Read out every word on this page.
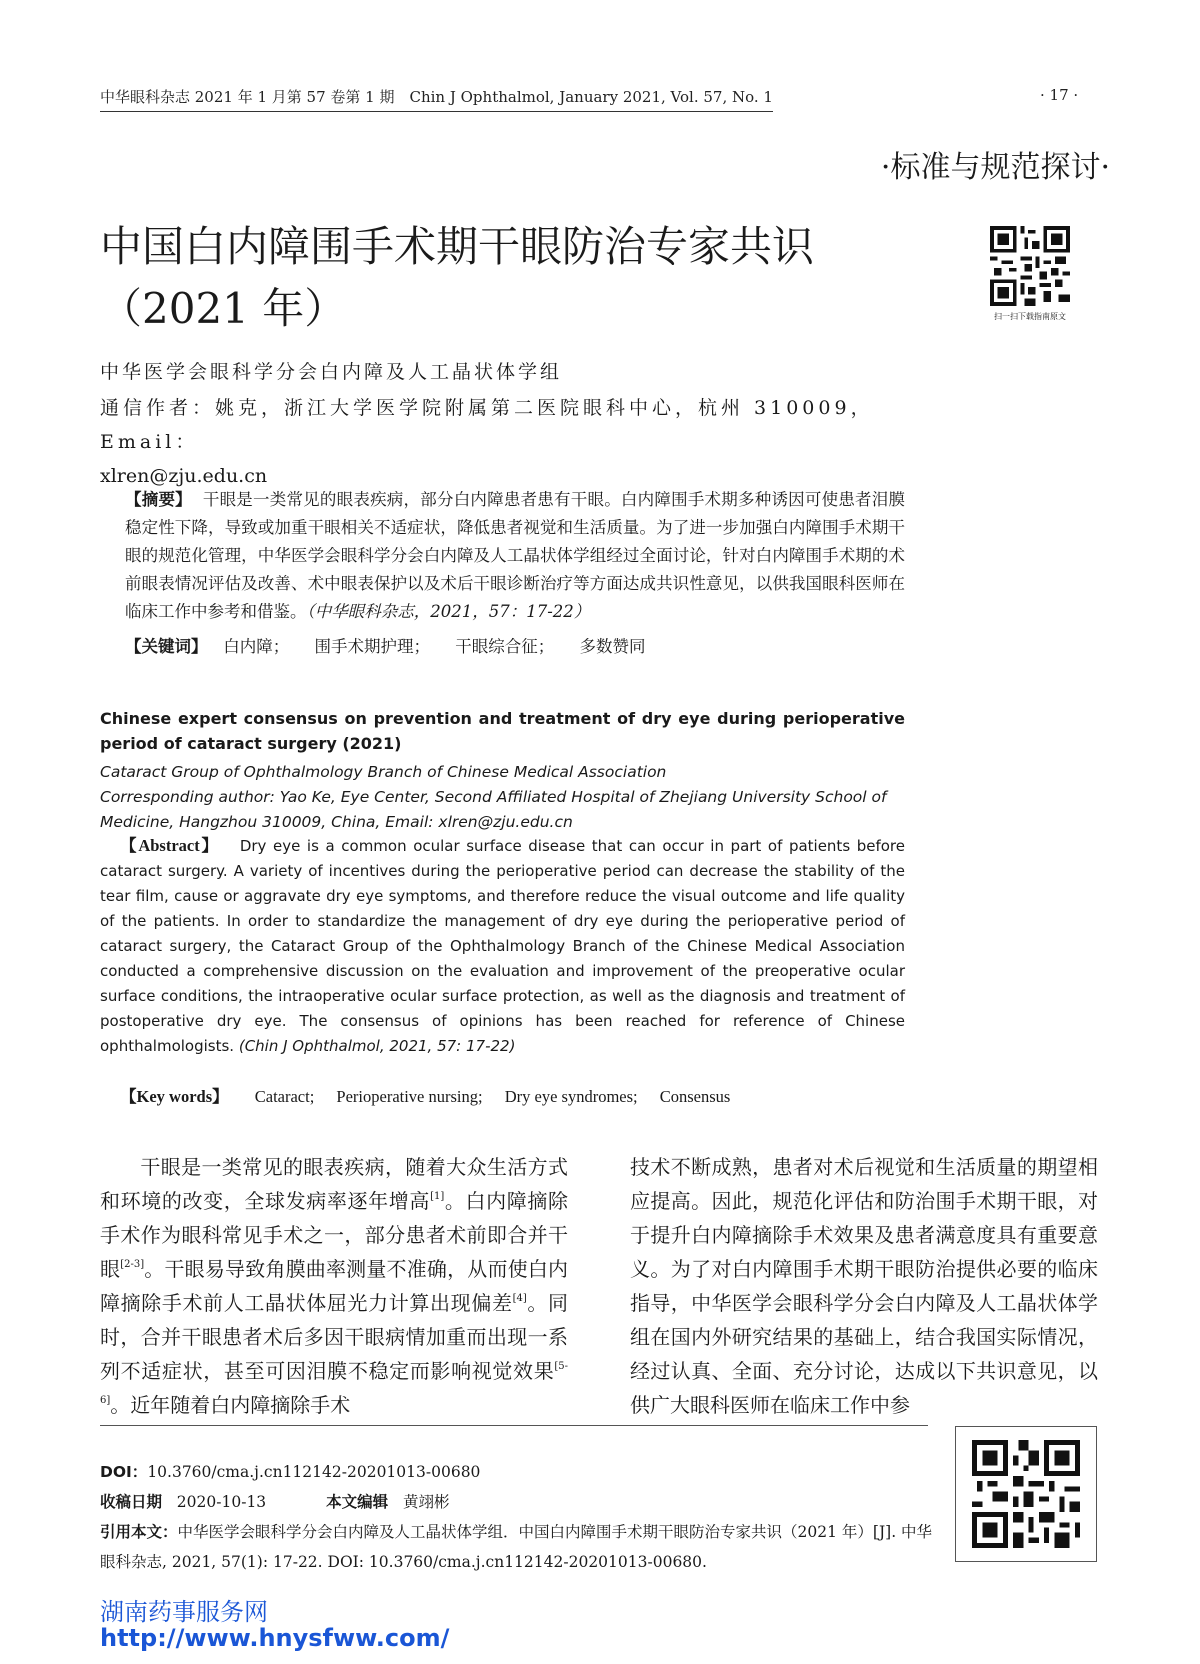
中华眼科杂志 2021 年 1 月第 57 卷第 1 期　Chin J Ophthalmol, January 2021, Vol. 57, No. 1	· 17 ·
·标准与规范探讨·
中国白内障围手术期干眼防治专家共识
（2021 年）	扫一扫下载指南原文
中华医学会眼科学分会白内障及人工晶状体学组
通信作者：姚克，浙江大学医学院附属第二医院眼科中心，杭州 310009，Email：
xlren@zju.edu.cn
【摘要】 干眼是一类常见的眼表疾病，部分白内障患者患有干眼。白内障围手术期多种诱因可使患者泪膜稳定性下降，导致或加重干眼相关不适症状，降低患者视觉和生活质量。为了进一步加强白内障围手术期干眼的规范化管理，中华医学会眼科学分会白内障及人工晶状体学组经过全面讨论，针对白内障围手术期的术前眼表情况评估及改善、术中眼表保护以及术后干眼诊断治疗等方面达成共识性意见，以供我国眼科医师在临床工作中参考和借鉴。（中华眼科杂志，2021，57：17-22）
【关键词】 白内障； 围手术期护理； 干眼综合征； 多数赞同
Chinese expert consensus on prevention and treatment of dry eye during perioperative period of cataract surgery (2021)
Cataract Group of Ophthalmology Branch of Chinese Medical Association
Corresponding author: Yao Ke, Eye Center, Second Affiliated Hospital of Zhejiang University School of Medicine, Hangzhou 310009, China, Email: xlren@zju.edu.cn
【Abstract】 Dry eye is a common ocular surface disease that can occur in part of patients before cataract surgery. A variety of incentives during the perioperative period can decrease the stability of the tear film, cause or aggravate dry eye symptoms, and therefore reduce the visual outcome and life quality of the patients. In order to standardize the management of dry eye during the perioperative period of cataract surgery, the Cataract Group of the Ophthalmology Branch of the Chinese Medical Association conducted a comprehensive discussion on the evaluation and improvement of the preoperative ocular surface conditions, the intraoperative ocular surface protection, as well as the diagnosis and treatment of postoperative dry eye. The consensus of opinions has been reached for reference of Chinese ophthalmologists. (Chin J Ophthalmol, 2021, 57: 17-22)
【Key words】 Cataract; Perioperative nursing; Dry eye syndromes; Consensus
干眼是一类常见的眼表疾病，随着大众生活方式和环境的改变，全球发病率逐年增高[1]。白内障摘除手术作为眼科常见手术之一，部分患者术前即合并干眼[2-3]。干眼易导致角膜曲率测量不准确，从而使白内障摘除手术前人工晶状体屈光力计算出现偏差[4]。同时，合并干眼患者术后多因干眼病情加重而出现一系列不适症状，甚至可因泪膜不稳定而影响视觉效果[5-6]。近年随着白内障摘除手术
技术不断成熟，患者对术后视觉和生活质量的期望相应提高。因此，规范化评估和防治围手术期干眼，对于提升白内障摘除手术效果及患者满意度具有重要意义。为了对白内障围手术期干眼防治提供必要的临床指导，中华医学会眼科学分会白内障及人工晶状体学组在国内外研究结果的基础上，结合我国实际情况，经过认真、全面、充分讨论，达成以下共识意见，以供广大眼科医师在临床工作中参
DOI：10.3760/cma.j.cn112142-20201013-00680
收稿日期 2020-10-13	本文编辑 黄翊彬
引用本文：中华医学会眼科学分会白内障及人工晶状体学组．中国白内障围手术期干眼防治专家共识（2021 年）[J]. 中华眼科杂志, 2021, 57(1): 17-22. DOI: 10.3760/cma.j.cn112142-20201013-00680.
湖南药事服务网
http://www.hnysfww.com/
